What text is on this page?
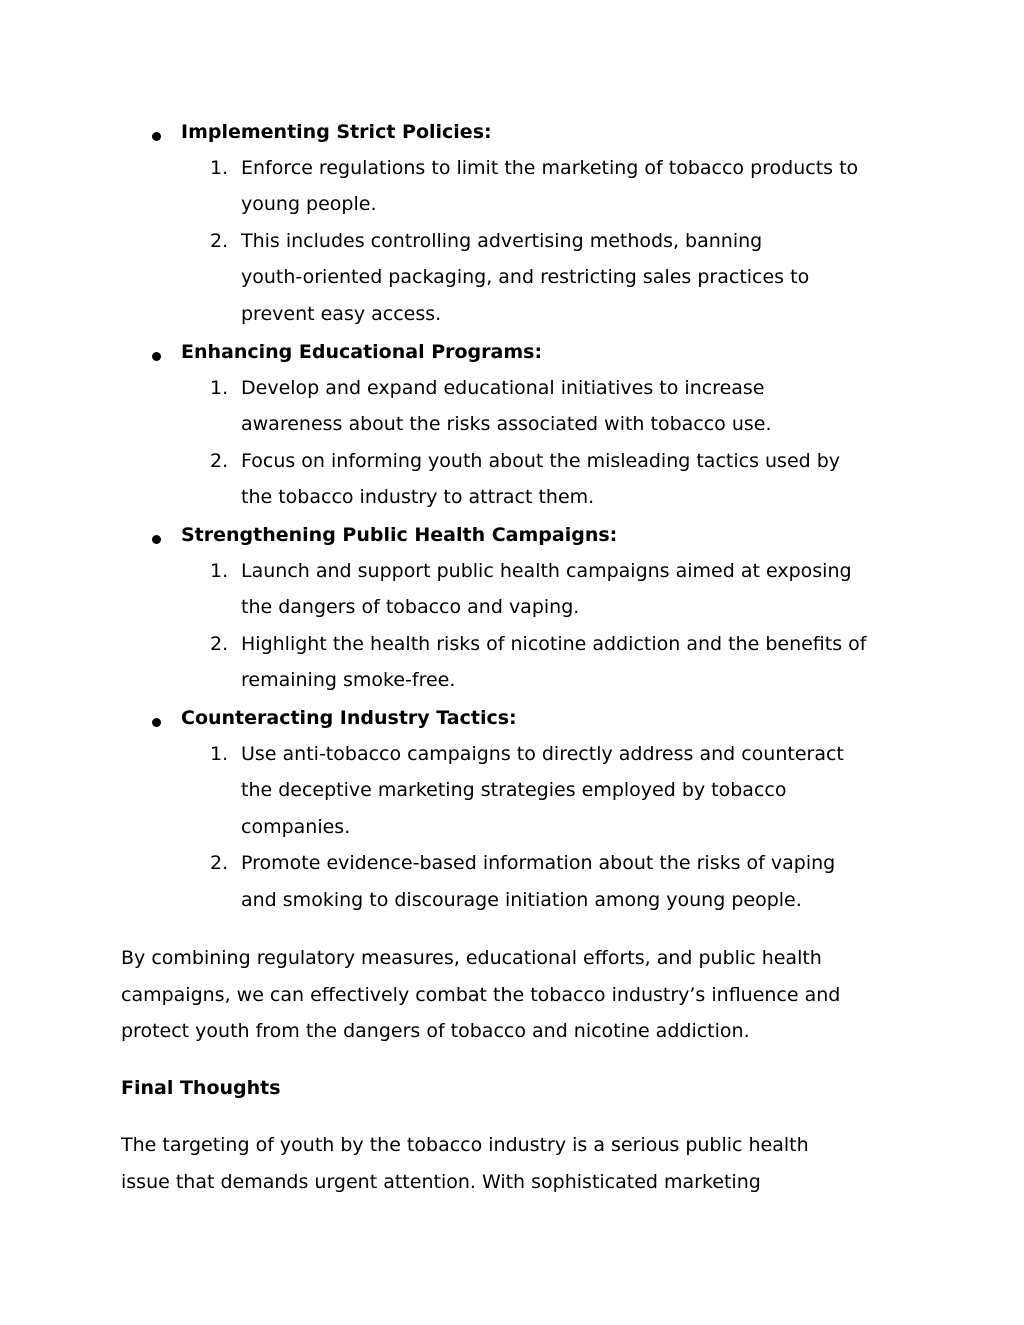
Implementing Strict Policies:
1. Enforce regulations to limit the marketing of tobacco products to
young people.
2. This includes controlling advertising methods, banning
youth-oriented packaging, and restricting sales practices to
prevent easy access.
Enhancing Educational Programs:
1. Develop and expand educational initiatives to increase
awareness about the risks associated with tobacco use.
2. Focus on informing youth about the misleading tactics used by
the tobacco industry to attract them.
Strengthening Public Health Campaigns:
1. Launch and support public health campaigns aimed at exposing
the dangers of tobacco and vaping.
2. Highlight the health risks of nicotine addiction and the benefits of
remaining smoke-free.
Counteracting Industry Tactics:
1. Use anti-tobacco campaigns to directly address and counteract
the deceptive marketing strategies employed by tobacco
companies.
2. Promote evidence-based information about the risks of vaping
and smoking to discourage initiation among young people.
By combining regulatory measures, educational efforts, and public health
campaigns, we can effectively combat the tobacco industry’s influence and
protect youth from the dangers of tobacco and nicotine addiction.
Final Thoughts
The targeting of youth by the tobacco industry is a serious public health
issue that demands urgent attention. With sophisticated marketing
